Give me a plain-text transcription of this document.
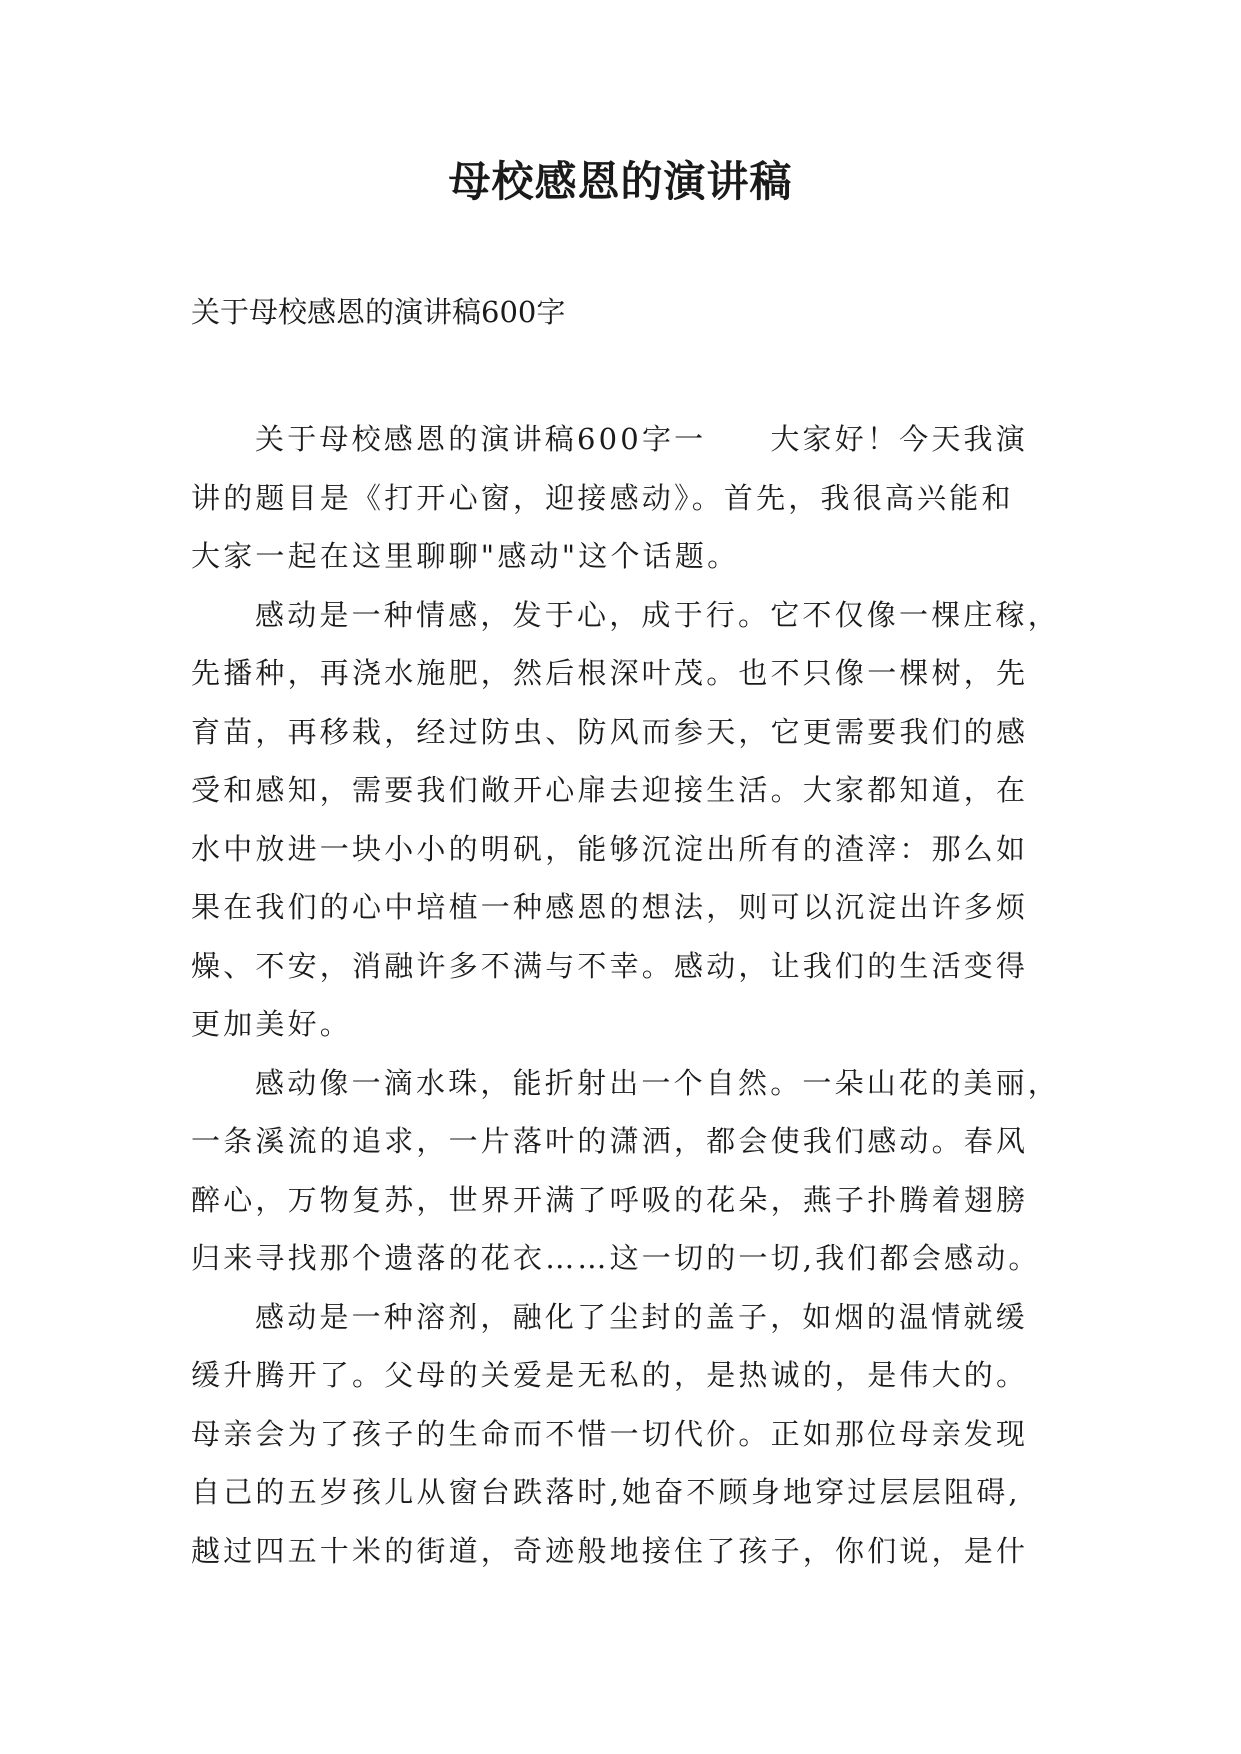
母校感恩的演讲稿

关于母校感恩的演讲稿600字

关于母校感恩的演讲稿600字一 大家好！今天我演
讲的题目是《打开心窗，迎接感动》。首先，我很高兴能和
大家一起在这里聊聊"感动"这个话题。
感动是一种情感，发于心，成于行。它不仅像一棵庄稼，
先播种，再浇水施肥，然后根深叶茂。也不只像一棵树，先
育苗，再移栽，经过防虫、防风而参天，它更需要我们的感
受和感知，需要我们敞开心扉去迎接生活。大家都知道，在
水中放进一块小小的明矾，能够沉淀出所有的渣滓：那么如
果在我们的心中培植一种感恩的想法，则可以沉淀出许多烦
燥、不安，消融许多不满与不幸。感动，让我们的生活变得
更加美好。
感动像一滴水珠，能折射出一个自然。一朵山花的美丽，
一条溪流的追求，一片落叶的潇洒，都会使我们感动。春风
醉心，万物复苏，世界开满了呼吸的花朵，燕子扑腾着翅膀
归来寻找那个遗落的花衣……这一切的一切,我们都会感动。
感动是一种溶剂，融化了尘封的盖子，如烟的温情就缓
缓升腾开了。父母的关爱是无私的，是热诚的，是伟大的。
母亲会为了孩子的生命而不惜一切代价。正如那位母亲发现
自己的五岁孩儿从窗台跌落时,她奋不顾身地穿过层层阻碍,
越过四五十米的街道，奇迹般地接住了孩子，你们说，是什
